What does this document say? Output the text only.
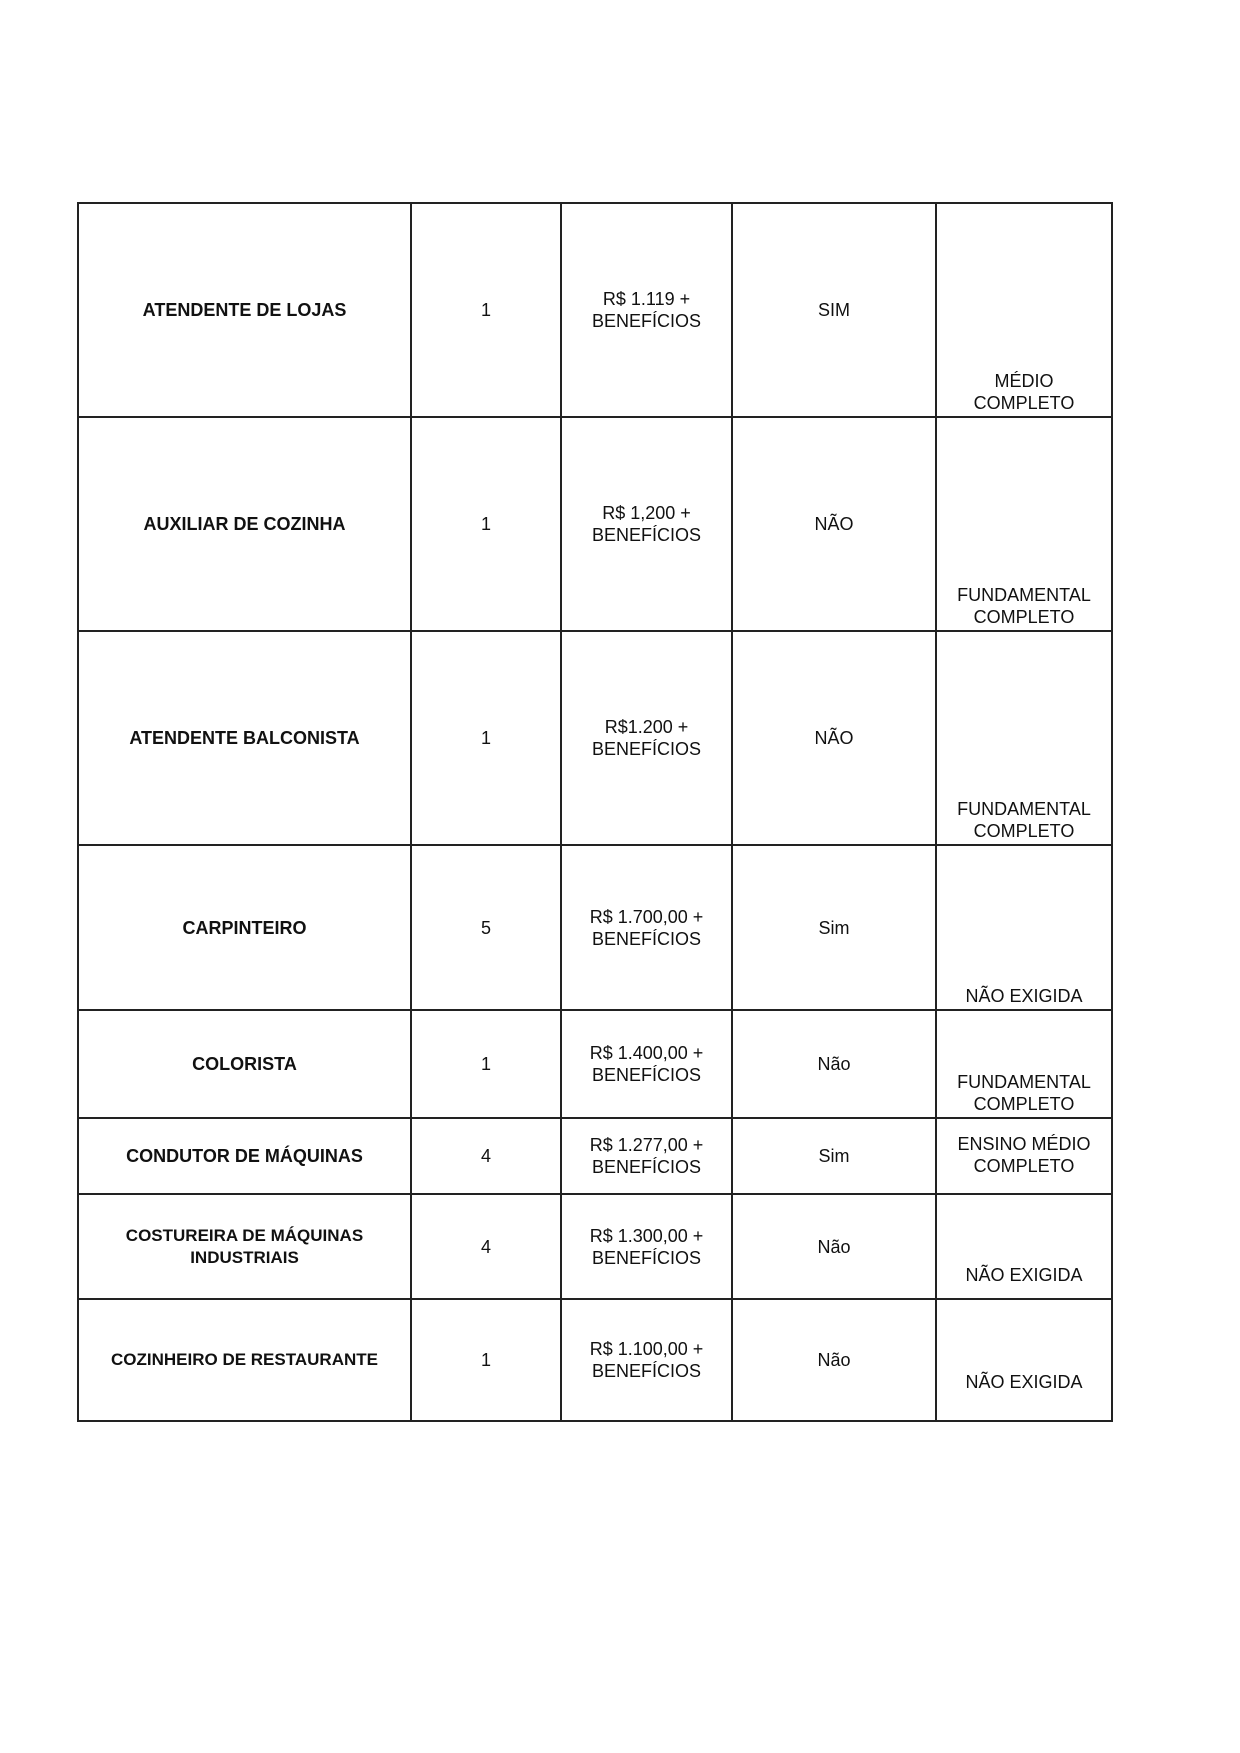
ATENDENTE DE LOJAS	1	R$ 1.119 + BENEFÍCIOS	SIM	MÉDIO COMPLETO

AUXILIAR DE COZINHA	1	R$ 1,200 + BENEFÍCIOS	NÃO	FUNDAMENTAL COMPLETO

ATENDENTE BALCONISTA	1	R$1.200 + BENEFÍCIOS	NÃO	FUNDAMENTAL COMPLETO

CARPINTEIRO	5	R$ 1.700,00 + BENEFÍCIOS	Sim	NÃO EXIGIDA

COLORISTA	1	R$ 1.400,00 + BENEFÍCIOS	Não	FUNDAMENTAL COMPLETO

CONDUTOR DE MÁQUINAS	4	R$ 1.277,00 + BENEFÍCIOS	Sim	ENSINO MÉDIO COMPLETO

COSTUREIRA DE MÁQUINAS INDUSTRIAIS	4	R$ 1.300,00 + BENEFÍCIOS	Não	NÃO EXIGIDA

COZINHEIRO DE RESTAURANTE	1	R$ 1.100,00 + BENEFÍCIOS	Não	NÃO EXIGIDA
